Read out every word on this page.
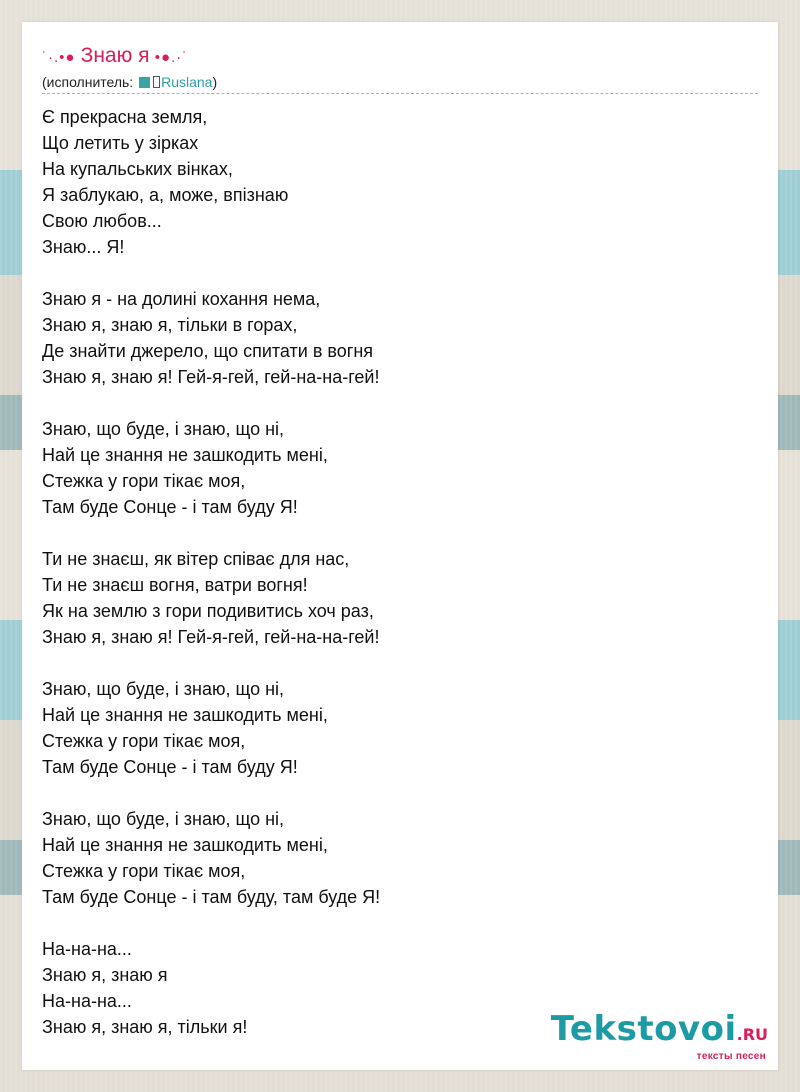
˙·.•● Знаю я •●.·˙
(исполнитель: Ruslana)
Є прекрасна земля,
Що летить у зірках
На купальських вінках,
Я заблукаю, а, може, впізнаю
Свою любов...
Знаю... Я!
Знаю я - на долині кохання нема,
Знаю я, знаю я, тільки в горах,
Де знайти джерело, що спитати в вогня
Знаю я, знаю я! Гей-я-гей, гей-на-на-гей!
Знаю, що буде, і знаю, що ні,
Най це знання не зашкодить мені,
Стежка у гори тікає моя,
Там буде Сонце - і там буду Я!
Ти не знаєш, як вітер співає для нас,
Ти не знаєш вогня, ватри вогня!
Як на землю з гори подивитись хоч раз,
Знаю я, знаю я! Гей-я-гей, гей-на-на-гей!
Знаю, що буде, і знаю, що ні,
Най це знання не зашкодить мені,
Стежка у гори тікає моя,
Там буде Сонце - і там буду Я!
Знаю, що буде, і знаю, що ні,
Най це знання не зашкодить мені,
Стежка у гори тікає моя,
Там буде Сонце - і там буду, там буде Я!
На-на-на...
Знаю я, знаю я
На-на-на...
Знаю я, знаю я, тільки я!	Tekstovoi.RU
тексты песен
